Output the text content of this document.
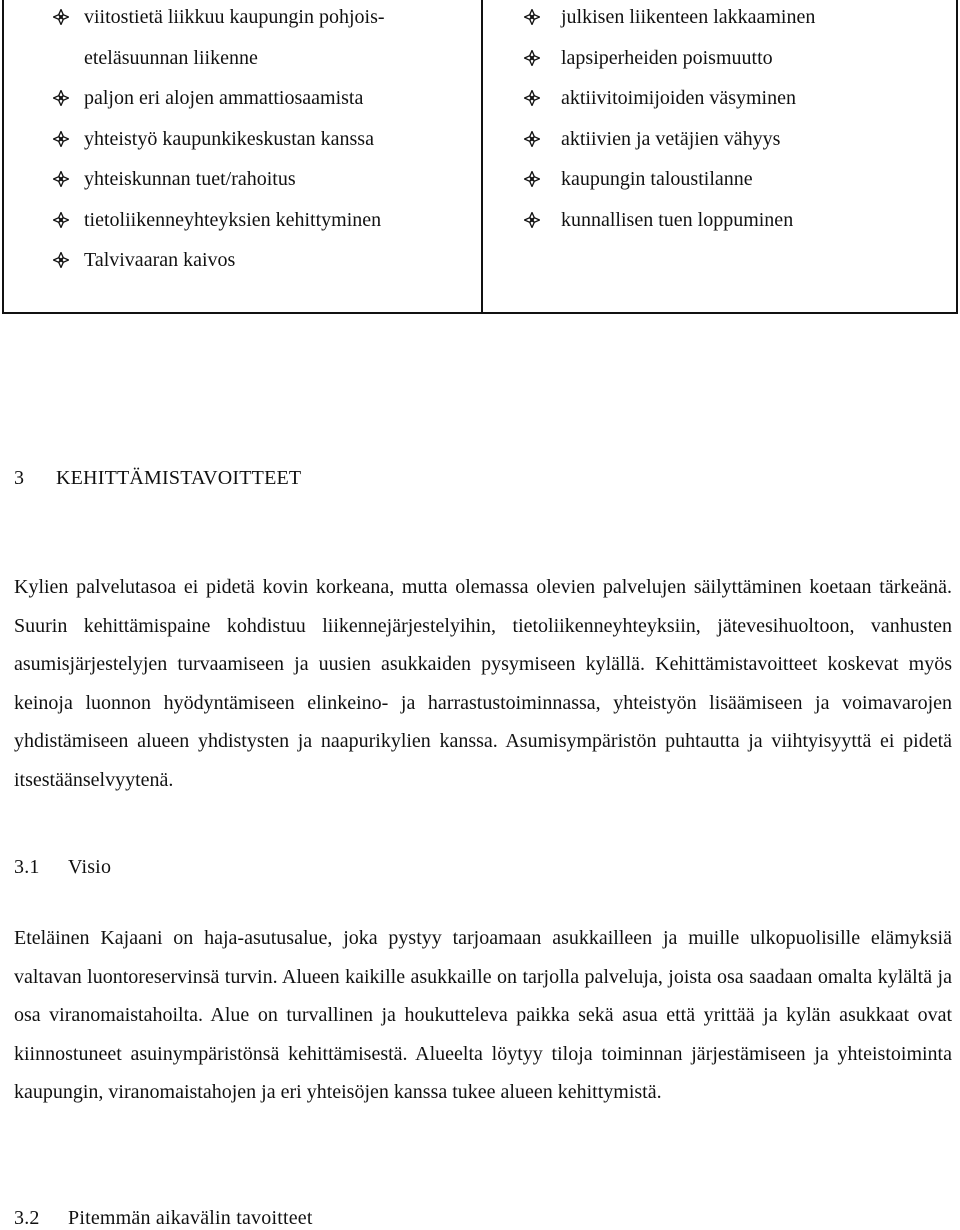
viitostietä liikkuu kaupungin pohjois-
eteläsuunnan liikenne
paljon eri alojen ammattiosaamista
yhteistyö kaupunkikeskustan kanssa
yhteiskunnan tuet/rahoitus
tietoliikenneyhteyksien kehittyminen
Talvivaaran kaivos
julkisen liikenteen lakkaaminen
lapsiperheiden poismuutto
aktiivitoimijoiden väsyminen
aktiivien ja vetäjien vähyys
kaupungin taloustilanne
kunnallisen tuen loppuminen
3 KEHITTÄMISTAVOITTEET

Kylien palvelutasoa ei pidetä kovin korkeana, mutta olemassa olevien palvelujen säilyttäminen koetaan tärkeänä. Suurin kehittämispaine kohdistuu liikennejärjestelyihin, tietoliikenneyhteyksiin, jätevesihuoltoon, vanhusten asumisjärjestelyjen turvaamiseen ja uusien asukkaiden pysymiseen kylällä. Kehittämistavoitteet koskevat myös keinoja luonnon hyödyntämiseen elinkeino- ja harrastustoiminnassa, yhteistyön lisäämiseen ja voimavarojen yhdistämiseen alueen yhdistysten ja naapurikylien kanssa. Asumisympäristön puhtautta ja viihtyisyyttä ei pidetä itsestäänselvyytenä.

3.1 Visio

Eteläinen Kajaani on haja-asutusalue, joka pystyy tarjoamaan asukkailleen ja muille ulkopuolisille elämyksiä valtavan luontoreservinsä turvin. Alueen kaikille asukkaille on tarjolla palveluja, joista osa saadaan omalta kylältä ja osa viranomaistahoilta. Alue on turvallinen ja houkutteleva paikka sekä asua että yrittää ja kylän asukkaat ovat kiinnostuneet asuinympäristönsä kehittämisestä. Alueelta löytyy tiloja toiminnan järjestämiseen ja yhteistoiminta kaupungin, viranomaistahojen ja eri yhteisöjen kanssa tukee alueen kehittymistä.

3.2 Pitemmän aikavälin tavoitteet
